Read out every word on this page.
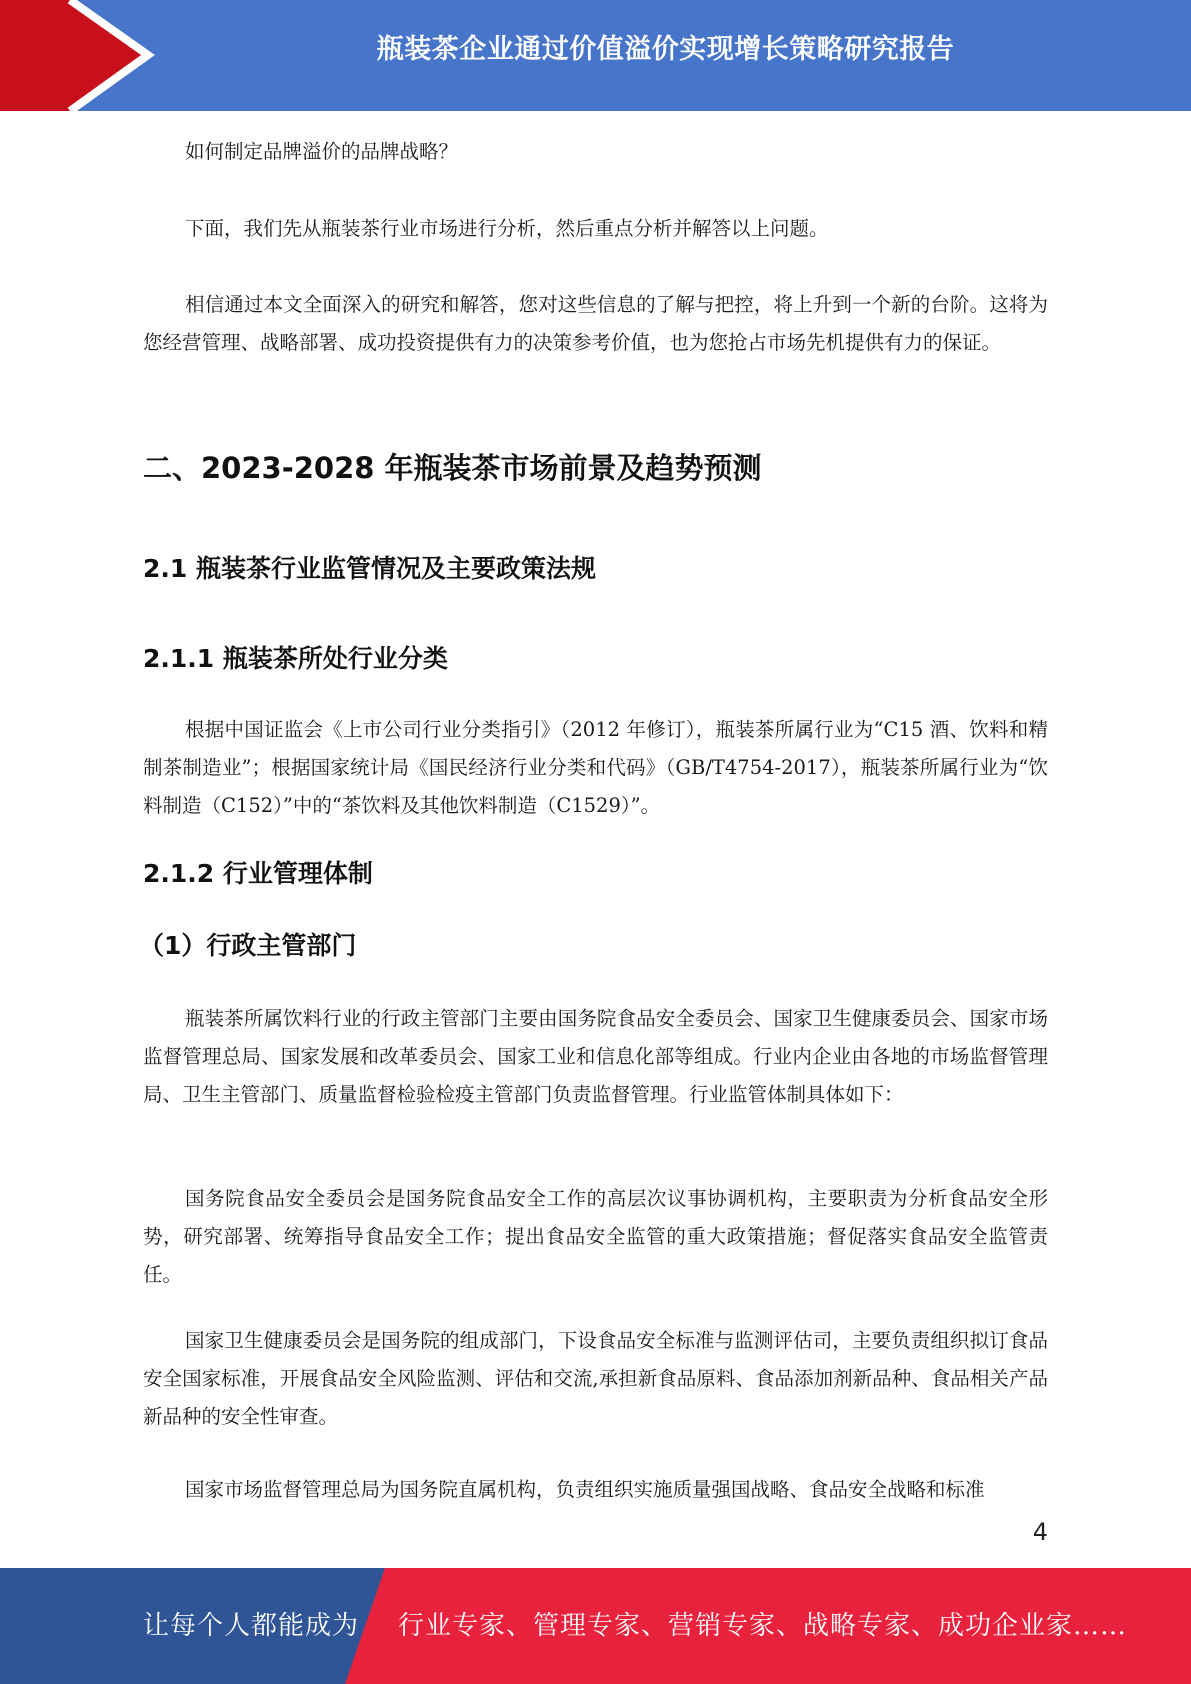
瓶装茶企业通过价值溢价实现增长策略研究报告

如何制定品牌溢价的品牌战略？

下面，我们先从瓶装茶行业市场进行分析，然后重点分析并解答以上问题。

相信通过本文全面深入的研究和解答，您对这些信息的了解与把控，将上升到一个新的台阶。这将为您经营管理、战略部署、成功投资提供有力的决策参考价值，也为您抢占市场先机提供有力的保证。

二、2023-2028 年瓶装茶市场前景及趋势预测
2.1 瓶装茶行业监管情况及主要政策法规
2.1.1 瓶装茶所处行业分类

根据中国证监会《上市公司行业分类指引》（2012 年修订），瓶装茶所属行业为“C15 酒、饮料和精制茶制造业”；根据国家统计局《国民经济行业分类和代码》（GB/T4754-2017），瓶装茶所属行业为“饮料制造（C152）”中的“茶饮料及其他饮料制造（C1529）”。

2.1.2 行业管理体制
（1）行政主管部门

瓶装茶所属饮料行业的行政主管部门主要由国务院食品安全委员会、国家卫生健康委员会、国家市场监督管理总局、国家发展和改革委员会、国家工业和信息化部等组成。行业内企业由各地的市场监督管理局、卫生主管部门、质量监督检验检疫主管部门负责监督管理。行业监管体制具体如下：

国务院食品安全委员会是国务院食品安全工作的高层次议事协调机构，主要职责为分析食品安全形势，研究部署、统筹指导食品安全工作；提出食品安全监管的重大政策措施；督促落实食品安全监管责任。

国家卫生健康委员会是国务院的组成部门，下设食品安全标准与监测评估司，主要负责组织拟订食品安全国家标准，开展食品安全风险监测、评估和交流,承担新食品原料、食品添加剂新品种、食品相关产品新品种的安全性审查。

国家市场监督管理总局为国务院直属机构，负责组织实施质量强国战略、食品安全战略和标准

4
让每个人都能成为 行业专家、管理专家、营销专家、战略专家、成功企业家……
